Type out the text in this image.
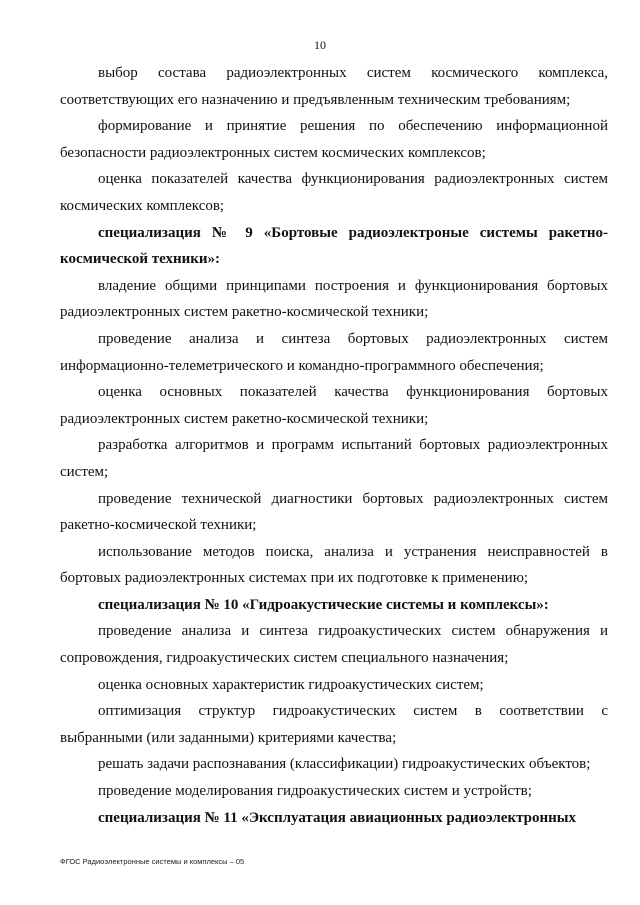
10

выбор состава радиоэлектронных систем космического комплекса, соответствующих его назначению и предъявленным техническим требованиям;

формирование и принятие решения по обеспечению информационной безопасности радиоэлектронных систем космических комплексов;

оценка показателей качества функционирования радиоэлектронных систем космических комплексов;

специализация № 9 «Бортовые радиоэлектроные системы ракетно-космической техники»:

владение общими принципами построения и функционирования бортовых радиоэлектронных систем ракетно-космической техники;

проведение анализа и синтеза бортовых радиоэлектронных систем информационно-телеметрического и командно-программного обеспечения;

оценка основных показателей качества функционирования бортовых радиоэлектронных систем ракетно-космической техники;

разработка алгоритмов и программ испытаний бортовых радиоэлектронных систем;

проведение технической диагностики бортовых радиоэлектронных систем ракетно-космической техники;

использование методов поиска, анализа и устранения неисправностей в бортовых радиоэлектронных системах при их подготовке к применению;

специализация № 10 «Гидроакустические системы и комплексы»:

проведение анализа и синтеза гидроакустических систем обнаружения и сопровождения, гидроакустических систем специального назначения;

оценка основных характеристик гидроакустических систем;

оптимизация структур гидроакустических систем в соответствии с выбранными (или заданными) критериями качества;

решать задачи распознавания (классификации) гидроакустических объектов;

проведение моделирования гидроакустических систем и устройств;

специализация № 11 «Эксплуатация авиационных радиоэлектронных

ФГОС Радиоэлектронные системы и комплексы – 05
